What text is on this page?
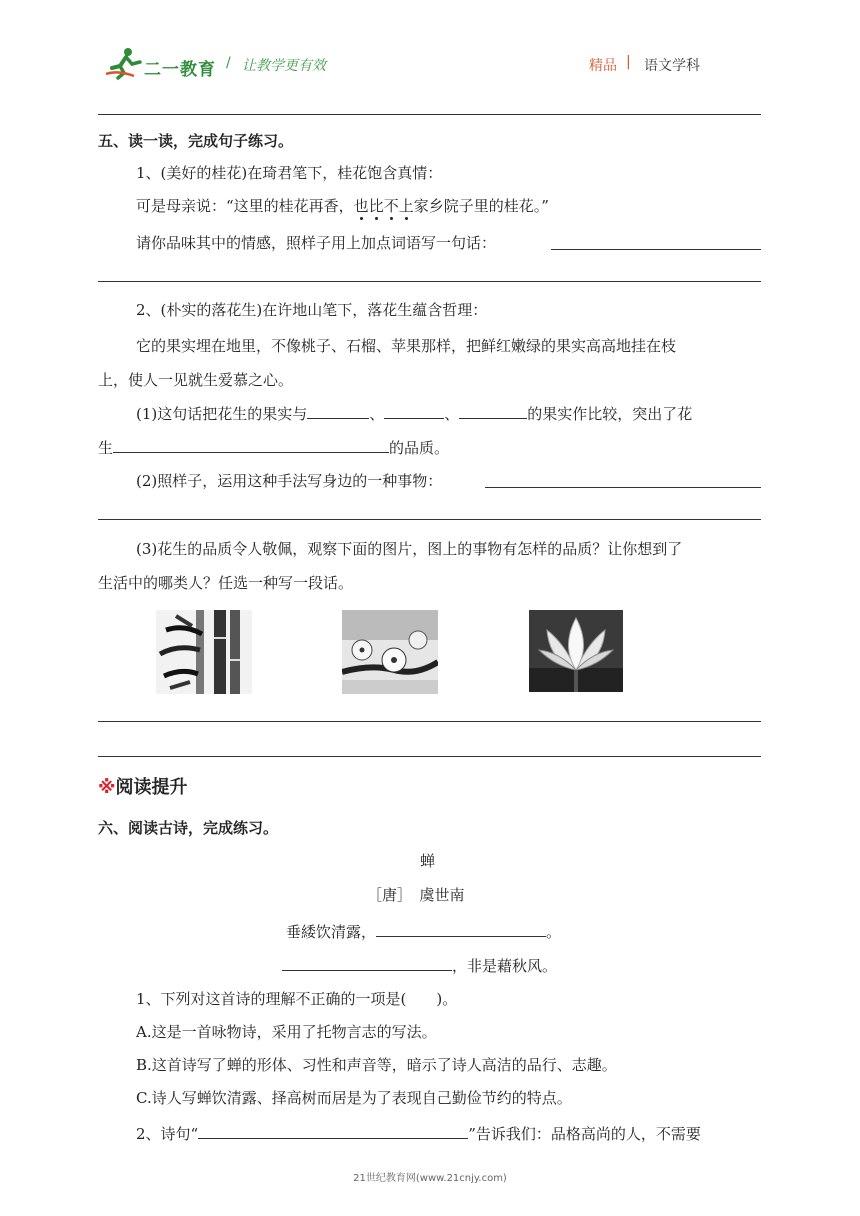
二一教育 / 让教学更有效	精品 | 语文学科
五、读一读，完成句子练习。
1、(美好的桂花)在琦君笔下，桂花饱含真情：
可是母亲说：“这里的桂花再香，也比不上家乡院子里的桂花。”
请你品味其中的情感，照样子用上加点词语写一句话：
2、(朴实的落花生)在许地山笔下，落花生蕴含哲理：
它的果实埋在地里，不像桃子、石榴、苹果那样，把鲜红嫩绿的果实高高地挂在枝
上，使人一见就生爱慕之心。
(1)这句话把花生的果实与	、	、	的果实作比较，突出了花
生	的品质。
(2)照样子，运用这种手法写身边的一种事物：
(3)花生的品质令人敬佩，观察下面的图片，图上的事物有怎样的品质？让你想到了
生活中的哪类人？任选一种写一段话。
※阅读提升
六、阅读古诗，完成练习。
蝉
［唐］　虞世南
垂緌饮清露，	。
，非是藉秋风。
1、下列对这首诗的理解不正确的一项是(　　)。
A.这是一首咏物诗，采用了托物言志的写法。
B.这首诗写了蝉的形体、习性和声音等，暗示了诗人高洁的品行、志趣。
C.诗人写蝉饮清露、择高树而居是为了表现自己勤俭节约的特点。
2、诗句“	”告诉我们：品格高尚的人，不需要
21世纪教育网(www.21cnjy.com)
